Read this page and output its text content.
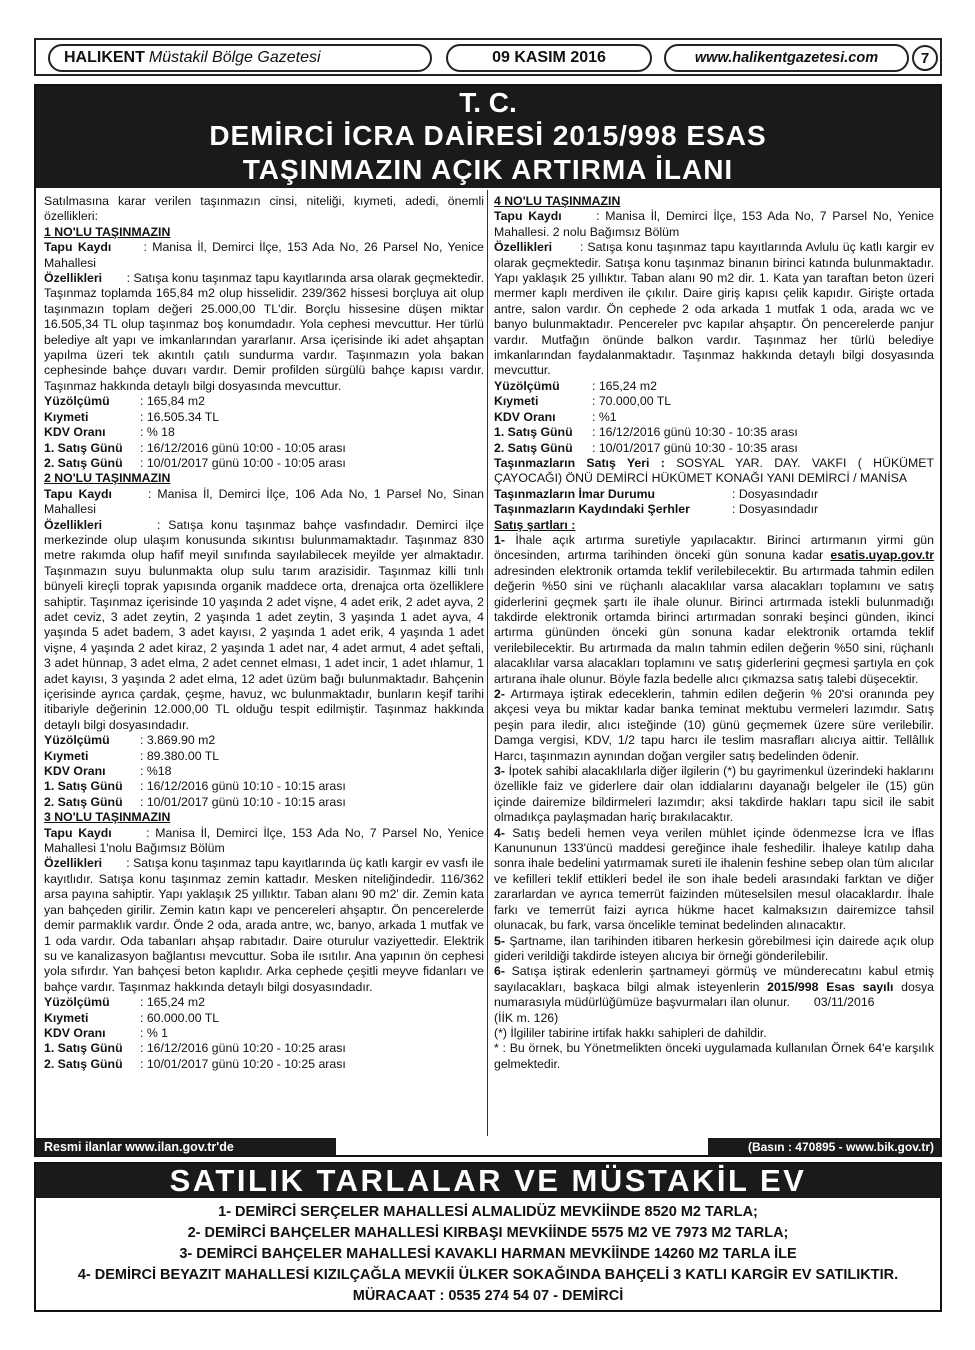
HALIKENT Müstakil Bölge Gazetesi	09 KASIM 2016	www.halikentgazetesi.com	7
T. C.
DEMİRCİ İCRA DAİRESİ 2015/998 ESAS
TAŞINMAZIN AÇIK ARTIRMA İLANI

Satılmasına karar verilen taşınmazın cinsi, niteliği, kıymeti, adedi, önemli özellikleri:

1 NO'LU TAŞINMAZIN

Tapu Kaydı	: Manisa İl, Demirci İlçe, 153 Ada No, 26 Parsel No, Yenice Mahallesi

Özellikleri : Satışa konu taşınmaz tapu kayıtlarında arsa olarak geçmektedir. Taşınmaz toplamda 165,84 m2 olup hisselidir. 239/362 hissesi borçluya ait olup taşınmazın toplam değeri 25.000,00 TL'dir. Borçlu hissesine düşen miktar 16.505,34 TL olup taşınmaz boş konumdadır. Yola cephesi mevcuttur. Her türlü belediye alt yapı ve imkanlarından yararlanır. Arsa içerisinde iki adet ahşaptan yapılma üzeri tek akıntılı çatılı sundurma vardır. Taşınmazın yola bakan cephesinde bahçe duvarı vardır. Demir profilden sürgülü bahçe kapısı vardır. Taşınmaz hakkında detaylı bilgi dosyasında mevcuttur.

Yüzölçümü	: 165,84 m2
Kıymeti	: 16.505.34 TL
KDV Oranı	: % 18
1. Satış Günü	: 16/12/2016 günü 10:00 - 10:05 arası
2. Satış Günü	: 10/01/2017 günü 10:00 - 10:05 arası

2 NO'LU TAŞINMAZIN

Tapu Kaydı	: Manisa İl, Demirci İlçe, 106 Ada No, 1 Parsel No, Sinan Mahallesi

Özellikleri	: Satışa konu taşınmaz bahçe vasfındadır. Demirci ilçe merkezinde olup ulaşım konusunda sıkıntısı bulunmamaktadır. Taşınmaz 830 metre rakımda olup hafif meyil sınıfında sayılabilecek meyilde yer almaktadır. Taşınmazın suyu bulunmakta olup sulu tarım arazisidir. Taşınmaz killi tınlı bünyeli kireçli toprak yapısında organik maddece orta, drenajca orta özelliklere sahiptir. Taşınmaz içerisinde 10 yaşında 2 adet vişne, 4 adet erik, 2 adet ayva, 2 adet ceviz, 3 adet zeytin, 2 yaşında 1 adet zeytin, 3 yaşında 1 adet ayva, 4 yaşında 5 adet badem, 3 adet kayısı, 2 yaşında 1 adet erik, 4 yaşında 1 adet vişne, 4 yaşında 2 adet kiraz, 2 yaşında 1 adet nar, 4 adet armut, 4 adet şeftali, 3 adet hünnap, 3 adet elma, 2 adet cennet elması, 1 adet incir, 1 adet ıhlamur, 1 adet kayısı, 3 yaşında 2 adet elma, 12 adet üzüm bağı bulunmaktadır. Bahçenin içerisinde ayrıca çardak, çeşme, havuz, wc bulunmaktadır, bunların keşif tarihi itibariyle değerinin 12.000,00 TL olduğu tespit edilmiştir. Taşınmaz hakkında detaylı bilgi dosyasındadır.

Yüzölçümü	: 3.869.90 m2
Kıymeti	: 89.380.00 TL
KDV Oranı	: %18
1. Satış Günü	: 16/12/2016 günü 10:10 - 10:15 arası
2. Satış Günü	: 10/01/2017 günü 10:10 - 10:15 arası

3 NO'LU TAŞINMAZIN

Tapu Kaydı	: Manisa İl, Demirci İlçe, 153 Ada No, 7 Parsel No, Yenice Mahallesi 1'nolu Bağımsız Bölüm

Özellikleri : Satışa konu taşınmaz tapu kayıtlarında üç katlı kargir ev vasfı ile kayıtlıdır. Satışa konu taşınmaz zemin kattadır. Mesken niteliğindedir. 116/362 arsa payına sahiptir. Yapı yaklaşık 25 yıllıktır. Taban alanı 90 m2' dir. Zemin kata yan bahçeden girilir. Zemin katın kapı ve pencereleri ahşaptır. Ön pencerelerde demir parmaklık vardır. Önde 2 oda, arada antre, wc, banyo, arkada 1 mutfak ve 1 oda vardır. Oda tabanları ahşap rabıtadır. Daire oturulur vaziyettedir. Elektrik su ve kanalizasyon bağlantısı mevcuttur. Soba ile ısıtılır. Ana yapının ön cephesi yola sıfırdır. Yan bahçesi beton kaplıdır. Arka cephede çeşitli meyve fidanları ve bahçe vardır. Taşınmaz hakkında detaylı bilgi dosyasındadır.

Yüzölçümü	: 165,24 m2
Kıymeti	: 60.000.00 TL
KDV Oranı	: % 1
1. Satış Günü	: 16/12/2016 günü 10:20 - 10:25 arası
2. Satış Günü	: 10/01/2017 günü 10:20 - 10:25 arası

4 NO'LU TAŞINMAZIN

Tapu Kaydı	: Manisa İl, Demirci İlçe, 153 Ada No, 7 Parsel No, Yenice Mahallesi. 2 nolu Bağımsız Bölüm

Özellikleri : Satışa konu taşınmaz tapu kayıtlarında Avlulu üç katlı kargir ev olarak geçmektedir. Satışa konu taşınmaz binanın birinci katında bulunmaktadır. Yapı yaklaşık 25 yıllıktır. Taban alanı 90 m2 dir. 1. Kata yan taraftan beton üzeri mermer kaplı merdiven ile çıkılır. Daire giriş kapısı çelik kapıdır. Girişte ortada antre, salon vardır. Ön cephede 2 oda arkada 1 mutfak 1 oda, arada wc ve banyo bulunmaktadır. Pencereler pvc kapılar ahşaptır. Ön pencerelerde panjur vardır. Mutfağın önünde balkon vardır. Taşınmaz her türlü belediye imkanlarından faydalanmaktadır. Taşınmaz hakkında detaylı bilgi dosyasında mevcuttur.

Yüzölçümü	: 165,24 m2
Kıymeti	: 70.000,00 TL
KDV Oranı	: %1
1. Satış Günü	: 16/12/2016 günü 10:30 - 10:35 arası
2. Satış Günü	: 10/01/2017 günü 10:30 - 10:35 arası

Taşınmazların Satış Yeri : SOSYAL YAR. DAY. VAKFI ( HÜKÜMET ÇAYOCAĞI) ÖNÜ DEMİRCİ HÜKÜMET KONAĞI YANI DEMİRCİ / MANİSA

Taşınmazların İmar Durumu	: Dosyasındadır
Taşınmazların Kaydındaki Şerhler	: Dosyasındadır

Satış şartları :

1- İhale açık artırma suretiyle yapılacaktır. Birinci artırmanın yirmi gün öncesinden, artırma tarihinden önceki gün sonuna kadar esatis.uyap.gov.tr adresinden elektronik ortamda teklif verilebilecektir. Bu artırmada tahmin edilen değerin %50 sini ve rüçhanlı alacaklılar varsa alacakları toplamını ve satış giderlerini geçmek şartı ile ihale olunur. Birinci artırmada istekli bulunmadığı takdirde elektronik ortamda birinci artırmadan sonraki beşinci günden, ikinci artırma gününden önceki gün sonuna kadar elektronik ortamda teklif verilebilecektir. Bu artırmada da malın tahmin edilen değerin %50 sini, rüçhanlı alacaklılar varsa alacakları toplamını ve satış giderlerini geçmesi şartıyla en çok artırana ihale olunur. Böyle fazla bedelle alıcı çıkmazsa satış talebi düşecektir.

2- Artırmaya iştirak edeceklerin, tahmin edilen değerin % 20'si oranında pey akçesi veya bu miktar kadar banka teminat mektubu vermeleri lazımdır. Satış peşin para iledir, alıcı isteğinde (10) günü geçmemek üzere süre verilebilir. Damga vergisi, KDV, 1/2 tapu harcı ile teslim masrafları alıcıya aittir. Tellâllık Harcı, taşınmazın aynından doğan vergiler satış bedelinden ödenir.

3- İpotek sahibi alacaklılarla diğer ilgilerin (*) bu gayrimenkul üzerindeki haklarını özellikle faiz ve giderlere dair olan iddialarını dayanağı belgeler ile (15) gün içinde dairemize bildirmeleri lazımdır; aksi takdirde hakları tapu sicil ile sabit olmadıkça paylaşmadan hariç bırakılacaktır.

4- Satış bedeli hemen veya verilen mühlet içinde ödenmezse İcra ve İflas Kanununun 133'üncü maddesi gereğince ihale feshedilir. İhaleye katılıp daha sonra ihale bedelini yatırmamak sureti ile ihalenin feshine sebep olan tüm alıcılar ve kefilleri teklif ettikleri bedel ile son ihale bedeli arasındaki farktan ve diğer zararlardan ve ayrıca temerrüt faizinden müteselsilen mesul olacaklardır. İhale farkı ve temerrüt faizi ayrıca hükme hacet kalmaksızın dairemizce tahsil olunacak, bu fark, varsa öncelikle teminat bedelinden alınacaktır.

5- Şartname, ilan tarihinden itibaren herkesin görebilmesi için dairede açık olup gideri verildiği takdirde isteyen alıcıya bir örneği gönderilebilir.

6- Satışa iştirak edenlerin şartnameyi görmüş ve münderecatını kabul etmiş sayılacakları, başkaca bilgi almak isteyenlerin 2015/998 Esas sayılı dosya numarasıyla müdürlüğümüze başvurmaları ilan olunur. 03/11/2016

(İİK m. 126)

(*) İlgililer tabirine irtifak hakkı sahipleri de dahildir.

* : Bu örnek, bu Yönetmelikten önceki uygulamada kullanılan Örnek 64'e karşılık gelmektedir.

Resmi ilanlar www.ilan.gov.tr'de	(Basın : 470895 - www.bik.gov.tr)
SATILIK TARLALAR VE MÜSTAKİL EV
1- DEMİRCİ SERÇELER MAHALLESİ ALMALIDÜZ MEVKİİNDE 8520 M2 TARLA;
2- DEMİRCİ BAHÇELER MAHALLESİ KIRBAŞI MEVKİİNDE 5575 M2 VE 7973 M2 TARLA;
3- DEMİRCİ BAHÇELER MAHALLESİ KAVAKLI HARMAN MEVKİİNDE 14260 M2 TARLA İLE
4- DEMİRCİ BEYAZIT MAHALLESİ KIZILÇAĞLA MEVKİİ ÜLKER SOKAĞINDA BAHÇELİ 3 KATLI KARGİR EV SATILIKTIR.
MÜRACAAT : 0535 274 54 07 - DEMİRCİ
